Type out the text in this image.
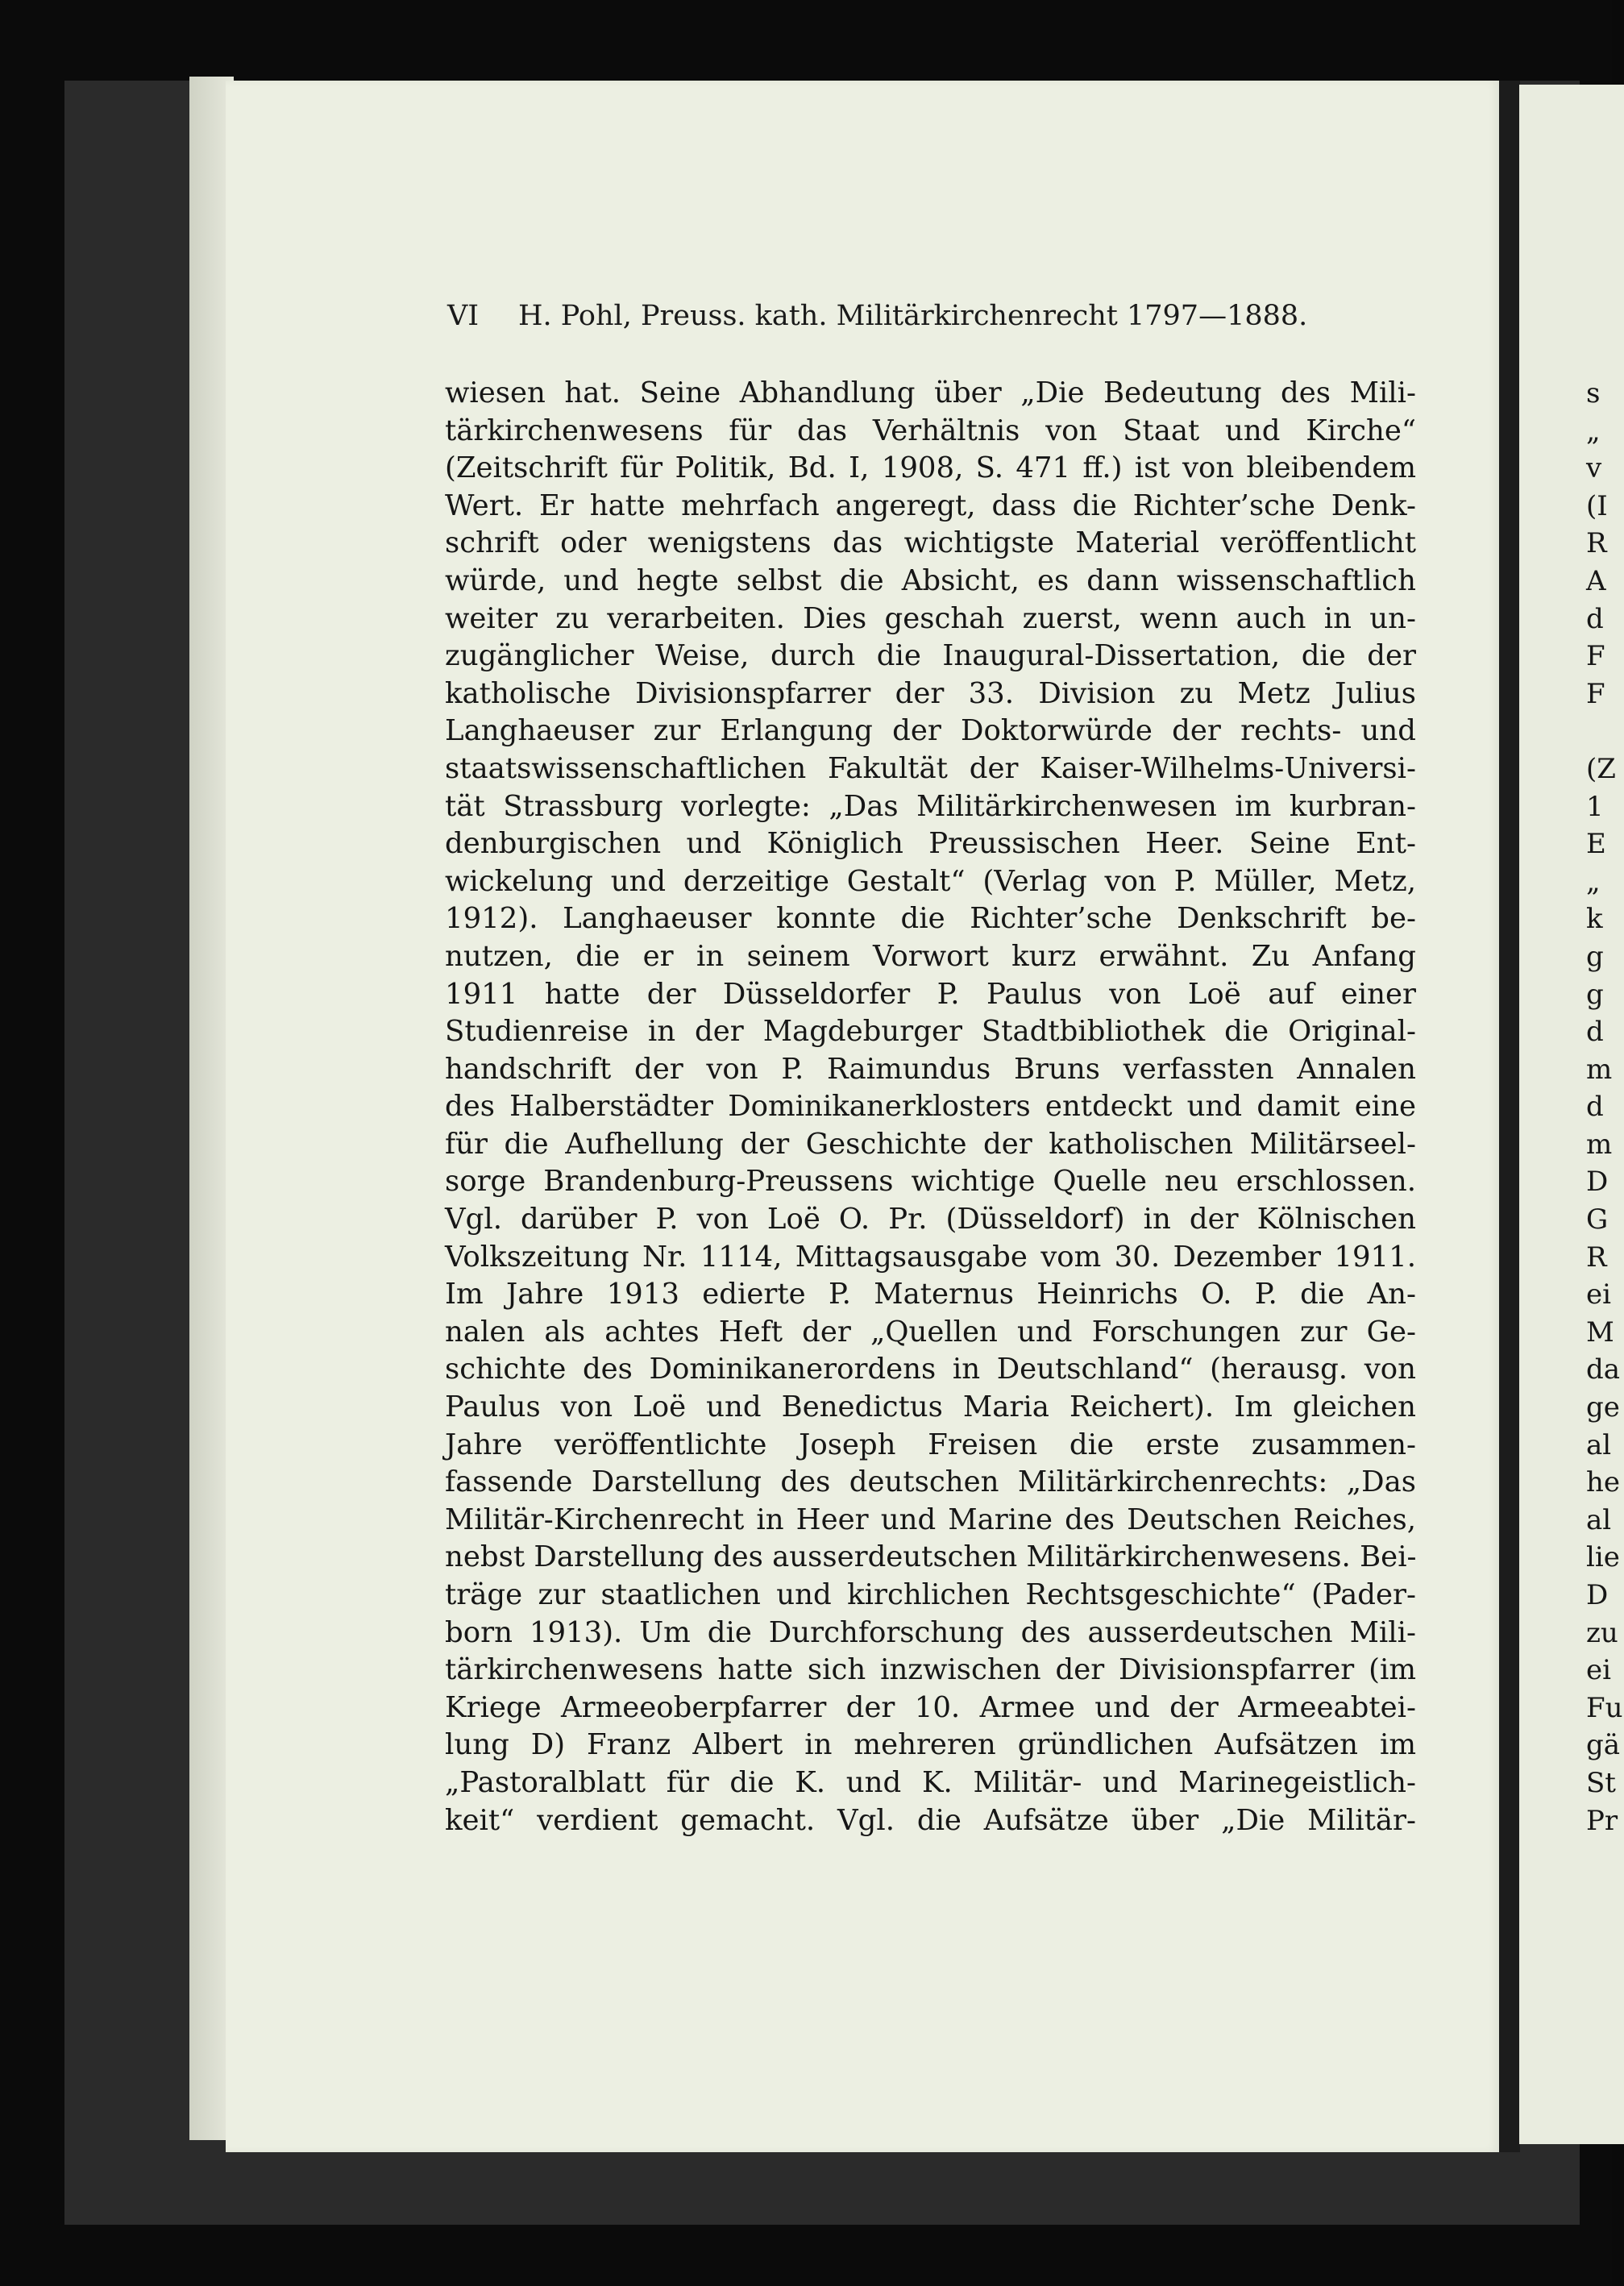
VI H. Pohl, Preuss. kath. Militärkirchenrecht 1797—1888.
wiesen hat. Seine Abhandlung über „Die Bedeutung des Mili-
tärkirchenwesens für das Verhältnis von Staat und Kirche“
(Zeitschrift für Politik, Bd. I, 1908, S. 471 ff.) ist von bleibendem
Wert. Er hatte mehrfach angeregt, dass die Richter’sche Denk-
schrift oder wenigstens das wichtigste Material veröffentlicht
würde, und hegte selbst die Absicht, es dann wissenschaftlich
weiter zu verarbeiten. Dies geschah zuerst, wenn auch in un-
zugänglicher Weise, durch die Inaugural-Dissertation, die der
katholische Divisionspfarrer der 33. Division zu Metz Julius
Langhaeuser zur Erlangung der Doktorwürde der rechts- und
staatswissenschaftlichen Fakultät der Kaiser-Wilhelms-Universi-
tät Strassburg vorlegte: „Das Militärkirchenwesen im kurbran-
denburgischen und Königlich Preussischen Heer. Seine Ent-
wickelung und derzeitige Gestalt“ (Verlag von P. Müller, Metz,
1912). Langhaeuser konnte die Richter’sche Denkschrift be-
nutzen, die er in seinem Vorwort kurz erwähnt. Zu Anfang
1911 hatte der Düsseldorfer P. Paulus von Loë auf einer
Studienreise in der Magdeburger Stadtbibliothek die Original-
handschrift der von P. Raimundus Bruns verfassten Annalen
des Halberstädter Dominikanerklosters entdeckt und damit eine
für die Aufhellung der Geschichte der katholischen Militärseel-
sorge Brandenburg-Preussens wichtige Quelle neu erschlossen.
Vgl. darüber P. von Loë O. Pr. (Düsseldorf) in der Kölnischen
Volkszeitung Nr. 1114, Mittagsausgabe vom 30. Dezember 1911.
Im Jahre 1913 edierte P. Maternus Heinrichs O. P. die An-
nalen als achtes Heft der „Quellen und Forschungen zur Ge-
schichte des Dominikanerordens in Deutschland“ (herausg. von
Paulus von Loë und Benedictus Maria Reichert). Im gleichen
Jahre veröffentlichte Joseph Freisen die erste zusammen-
fassende Darstellung des deutschen Militärkirchenrechts: „Das
Militär-Kirchenrecht in Heer und Marine des Deutschen Reiches,
nebst Darstellung des ausserdeutschen Militärkirchenwesens. Bei-
träge zur staatlichen und kirchlichen Rechtsgeschichte“ (Pader-
born 1913). Um die Durchforschung des ausserdeutschen Mili-
tärkirchenwesens hatte sich inzwischen der Divisionspfarrer (im
Kriege Armeeoberpfarrer der 10. Armee und der Armeeabtei-
lung D) Franz Albert in mehreren gründlichen Aufsätzen im
„Pastoralblatt für die K. und K. Militär- und Marinegeistlich-
keit“ verdient gemacht. Vgl. die Aufsätze über „Die Militär-
s
„
v
(I
R
A
d
F
F
(Z
1
E
„
k
g
g
d
m
d
m
D
G
R
ei
M
da
ge
al
he
al
lie
D
zu
ei
Fu
gä
St
Pr
